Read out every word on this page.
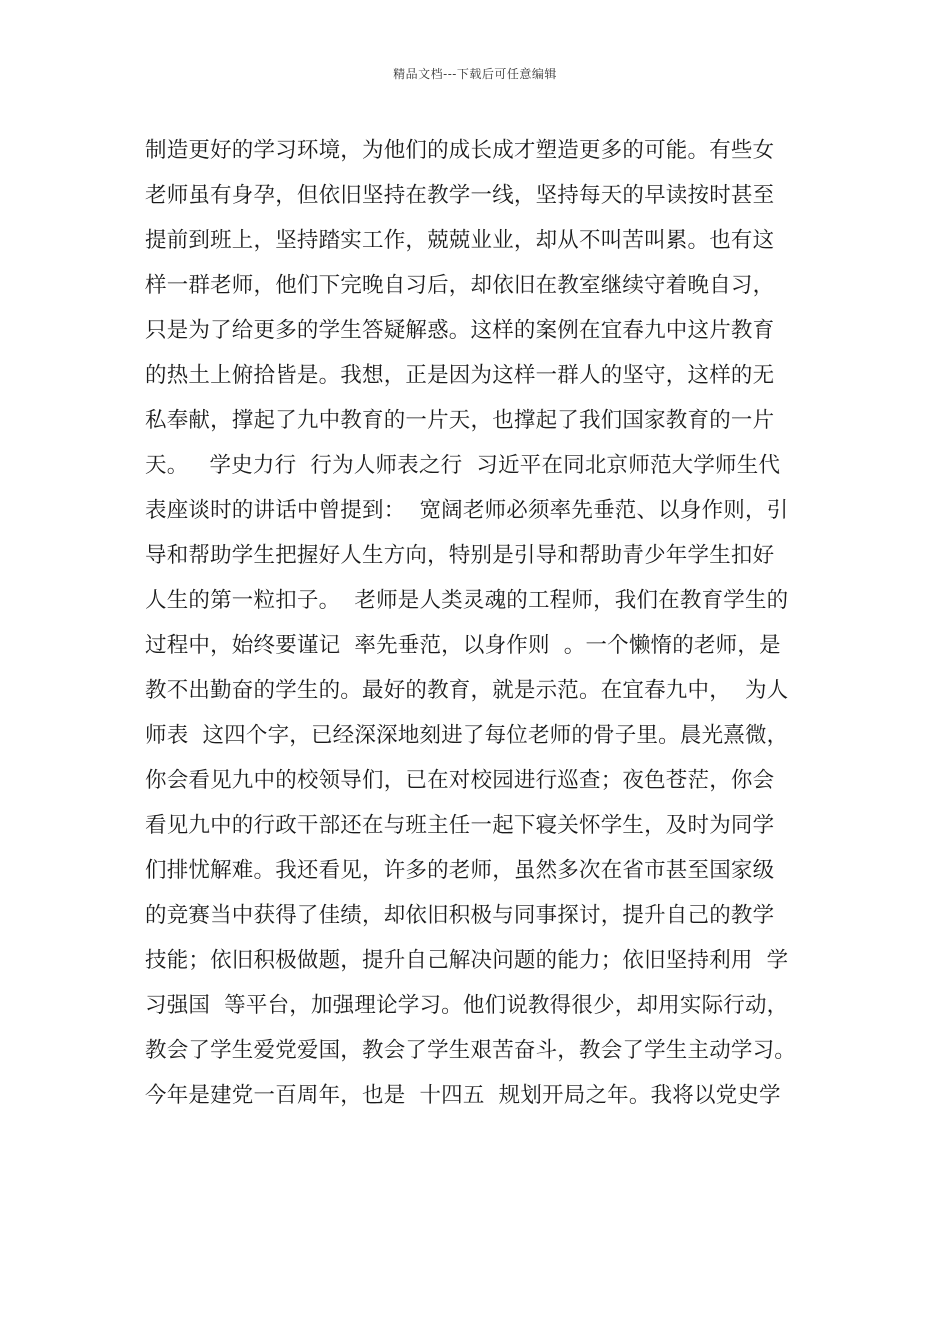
精品文档---下载后可任意编辑
制造更好的学习环境，为他们的成长成才塑造更多的可能。有些女
老师虽有身孕，但依旧坚持在教学一线，坚持每天的早读按时甚至
提前到班上，坚持踏实工作，兢兢业业，却从不叫苦叫累。也有这
样一群老师，他们下完晚自习后，却依旧在教室继续守着晚自习，
只是为了给更多的学生答疑解惑。这样的案例在宜春九中这片教育
的热土上俯拾皆是。我想，正是因为这样一群人的坚守，这样的无
私奉献，撑起了九中教育的一片天，也撑起了我们国家教育的一片
天。   学史力行  行为人师表之行  习近平在同北京师范大学师生代
表座谈时的讲话中曾提到：  宽阔老师必须率先垂范、以身作则，引
导和帮助学生把握好人生方向，特别是引导和帮助青少年学生扣好
人生的第一粒扣子。  老师是人类灵魂的工程师，我们在教育学生的
过程中，始终要谨记  率先垂范，以身作则  。一个懒惰的老师，是
教不出勤奋的学生的。最好的教育，就是示范。在宜春九中，  为人
师表  这四个字，已经深深地刻进了每位老师的骨子里。晨光熹微，
你会看见九中的校领导们，已在对校园进行巡查；夜色苍茫，你会
看见九中的行政干部还在与班主任一起下寝关怀学生，及时为同学
们排忧解难。我还看见，许多的老师，虽然多次在省市甚至国家级
的竞赛当中获得了佳绩，却依旧积极与同事探讨，提升自己的教学
技能；依旧积极做题，提升自己解决问题的能力；依旧坚持利用  学
习强国  等平台，加强理论学习。他们说教得很少，却用实际行动，
教会了学生爱党爱国，教会了学生艰苦奋斗，教会了学生主动学习。
今年是建党一百周年，也是  十四五  规划开局之年。我将以党史学
